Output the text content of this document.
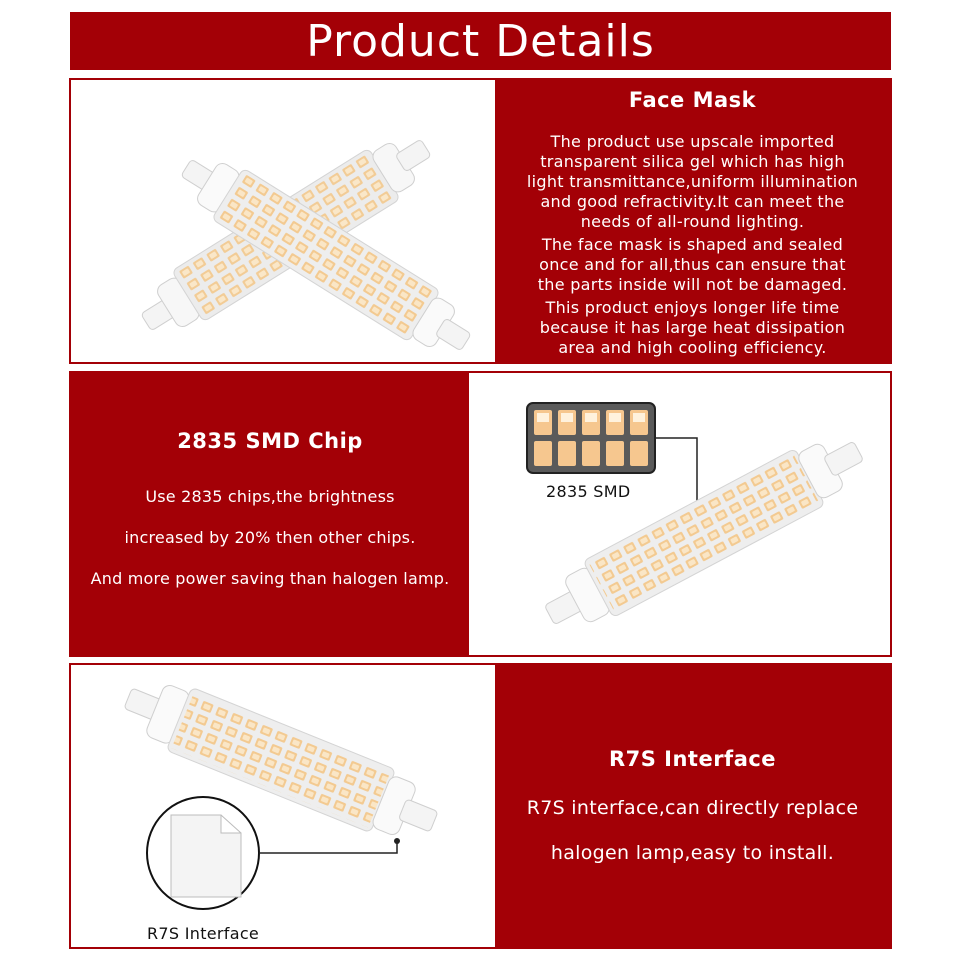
Product Details
Face Mask
The product use upscale imported
transparent silica gel which has high
light transmittance,uniform illumination
and good refractivity.It can meet the
needs of all-round lighting.
The face mask is shaped and sealed
once and for all,thus can ensure that
the parts inside will not be damaged.
This product enjoys longer life time
because it has large heat dissipation
area and high cooling efficiency.
2835 SMD Chip
Use 2835 chips,the brightness
increased by 20% then other chips.
And more power saving than halogen lamp.
2835 SMD
R7S Interface
R7S Interface
R7S interface,can directly replace
halogen lamp,easy to install.
